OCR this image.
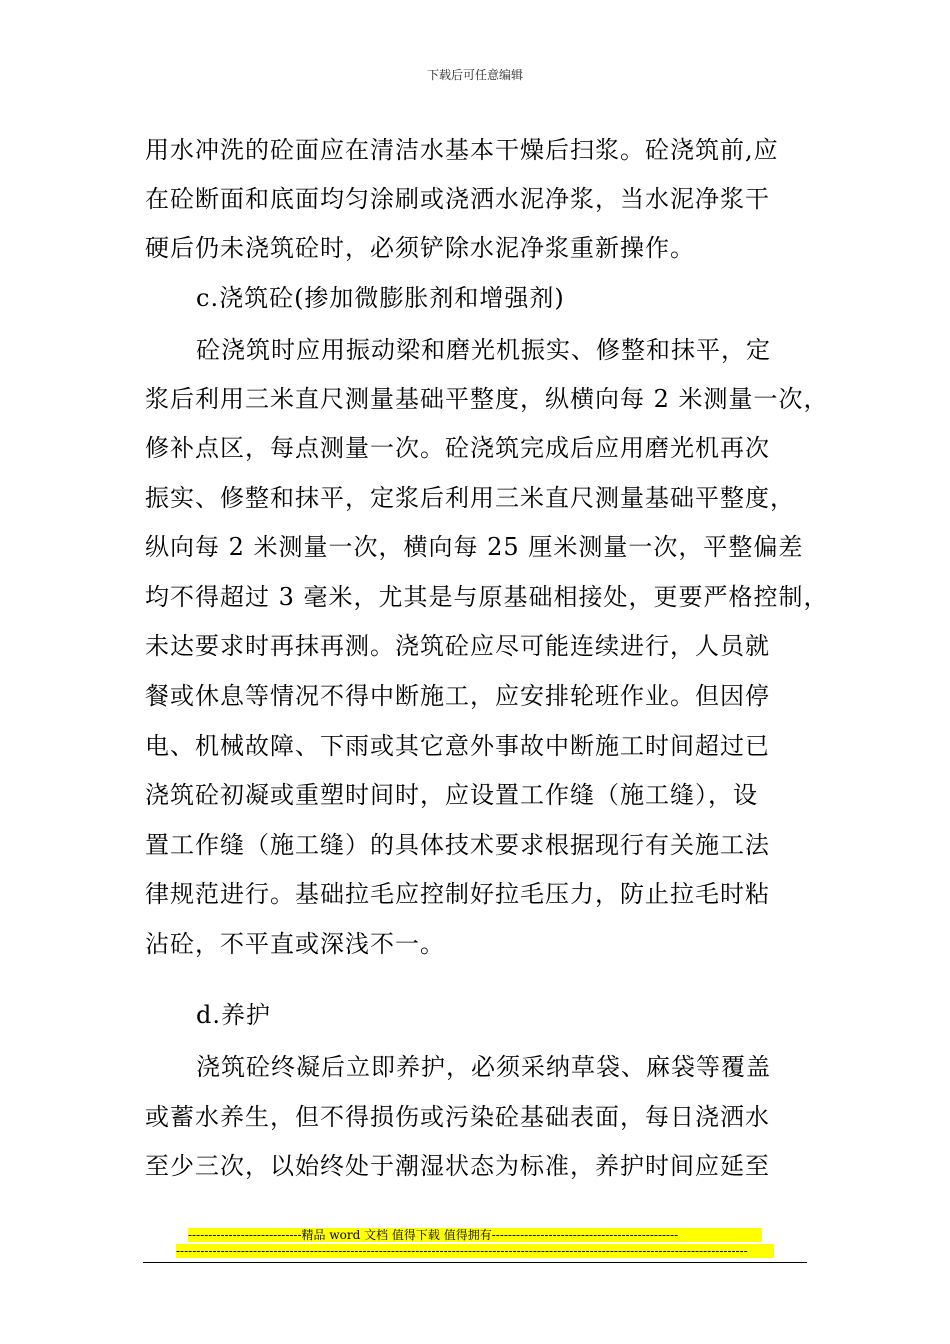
下载后可任意编辑
用水冲洗的砼面应在清洁水基本干燥后扫浆。砼浇筑前,应
在砼断面和底面均匀涂刷或浇洒水泥净浆，当水泥净浆干
硬后仍未浇筑砼时，必须铲除水泥净浆重新操作。
c.浇筑砼(掺加微膨胀剂和增强剂)
砼浇筑时应用振动梁和磨光机振实、修整和抹平，定
浆后利用三米直尺测量基础平整度，纵横向每 2 米测量一次，
修补点区，每点测量一次。砼浇筑完成后应用磨光机再次
振实、修整和抹平，定浆后利用三米直尺测量基础平整度，
纵向每 2 米测量一次，横向每 25 厘米测量一次，平整偏差
均不得超过 3 毫米，尤其是与原基础相接处，更要严格控制，
未达要求时再抹再测。浇筑砼应尽可能连续进行，人员就
餐或休息等情况不得中断施工，应安排轮班作业。但因停
电、机械故障、下雨或其它意外事故中断施工时间超过已
浇筑砼初凝或重塑时间时，应设置工作缝（施工缝），设
置工作缝（施工缝）的具体技术要求根据现行有关施工法
律规范进行。基础拉毛应控制好拉毛压力，防止拉毛时粘
沾砼，不平直或深浅不一。
d.养护
浇筑砼终凝后立即养护，必须采纳草袋、麻袋等覆盖
或蓄水养生，但不得损伤或污染砼基础表面，每日浇洒水
至少三次，以始终处于潮湿状态为标准，养护时间应延至
----------------------------精品 word 文档 值得下载 值得拥有----------------------------------------------
---------------------------------------------------------------------------------------------------------------------------------------------
